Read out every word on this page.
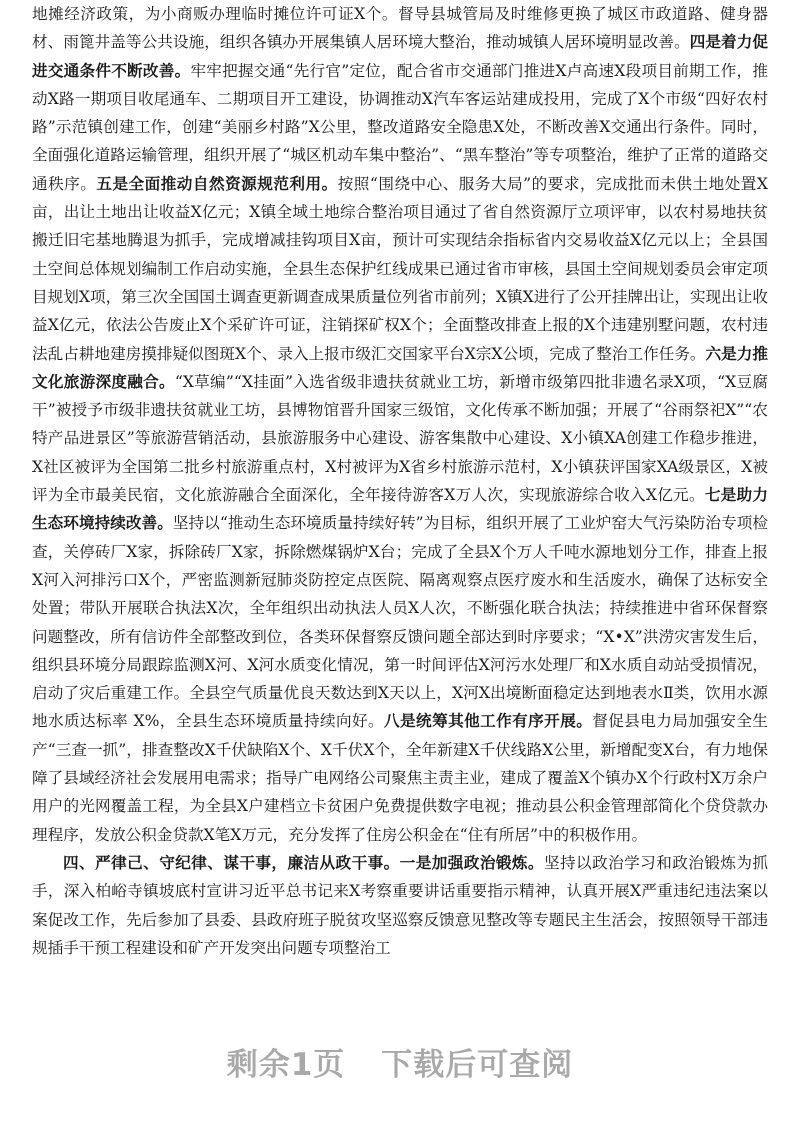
地摊经济政策，为小商贩办理临时摊位许可证X个。督导县城管局及时维修更换了城区市政道路、健身器材、雨篦井盖等公共设施，组织各镇办开展集镇人居环境大整治，推动城镇人居环境明显改善。四是着力促进交通条件不断改善。牢牢把握交通“先行官”定位，配合省市交通部门推进X卢高速X段项目前期工作，推动X路一期项目收尾通车、二期项目开工建设，协调推动X汽车客运站建成投用，完成了X个市级“四好农村路”示范镇创建工作，创建“美丽乡村路”X公里，整改道路安全隐患X处，不断改善X交通出行条件。同时，全面强化道路运输管理，组织开展了“城区机动车集中整治”、“黑车整治”等专项整治，维护了正常的道路交通秩序。五是全面推动自然资源规范利用。按照“围绕中心、服务大局”的要求，完成批而未供土地处置X亩，出让土地出让收益X亿元；X镇全域土地综合整治项目通过了省自然资源厅立项评审，以农村易地扶贫搬迁旧宅基地腾退为抓手，完成增减挂钩项目X亩，预计可实现结余指标省内交易收益X亿元以上；全县国土空间总体规划编制工作启动实施，全县生态保护红线成果已通过省市审核，县国土空间规划委员会审定项目规划X项，第三次全国国土调查更新调查成果质量位列省市前列；X镇X进行了公开挂牌出让，实现出让收益X亿元，依法公告废止X个采矿许可证，注销探矿权X个；全面整改排查上报的X个违建别墅问题，农村违法乱占耕地建房摸排疑似图斑X个、录入上报市级汇交国家平台X宗X公顷，完成了整治工作任务。六是力推文化旅游深度融合。“X草编”“X挂面”入选省级非遗扶贫就业工坊，新增市级第四批非遗名录X项，“X豆腐干”被授予市级非遗扶贫就业工坊，县博物馆晋升国家三级馆，文化传承不断加强；开展了“谷雨祭祀X”“农特产品进景区”等旅游营销活动，县旅游服务中心建设、游客集散中心建设、X小镇XA创建工作稳步推进，X社区被评为全国第二批乡村旅游重点村，X村被评为X省乡村旅游示范村，X小镇获评国家XA级景区，X被评为全市最美民宿，文化旅游融合全面深化，全年接待游客X万人次，实现旅游综合收入X亿元。七是助力生态环境持续改善。坚持以“推动生态环境质量持续好转”为目标，组织开展了工业炉窑大气污染防治专项检查，关停砖厂X家，拆除砖厂X家，拆除燃煤锅炉X台；完成了全县X个万人千吨水源地划分工作，排查上报X河入河排污口X个，严密监测新冠肺炎防控定点医院、隔离观察点医疗废水和生活废水，确保了达标安全处置；带队开展联合执法X次，全年组织出动执法人员X人次，不断强化联合执法；持续推进中省环保督察问题整改，所有信访件全部整改到位，各类环保督察反馈问题全部达到时序要求；“X•X”洪涝灾害发生后，组织县环境分局跟踪监测X河、X河水质变化情况，第一时间评估X河污水处理厂和X水质自动站受损情况，启动了灾后重建工作。全县空气质量优良天数达到X天以上，X河X出境断面稳定达到地表水Ⅱ类，饮用水源地水质达标率 X%，全县生态环境质量持续向好。八是统筹其他工作有序开展。督促县电力局加强安全生产“三查一抓”，排查整改X千伏缺陷X个、X千伏X个，全年新建X千伏线路X公里，新增配变X台，有力地保障了县域经济社会发展用电需求；指导广电网络公司聚焦主责主业，建成了覆盖X个镇办X个行政村X万余户用户的光网覆盖工程，为全县X户建档立卡贫困户免费提供数字电视；推动县公积金管理部简化个贷贷款办理程序，发放公积金贷款X笔X万元，充分发挥了住房公积金在“住有所居”中的积极作用。

四、严律己、守纪律、谋干事，廉洁从政干事。一是加强政治锻炼。坚持以政治学习和政治锻炼为抓手，深入柏峪寺镇坡底村宣讲习近平总书记来X考察重要讲话重要指示精神，认真开展X严重违纪违法案以案促改工作，先后参加了县委、县政府班子脱贫攻坚巡察反馈意见整改等专题民主生活会，按照领导干部违规插手干预工程建设和矿产开发突出问题专项整治工

剩余1页 下载后可查阅
